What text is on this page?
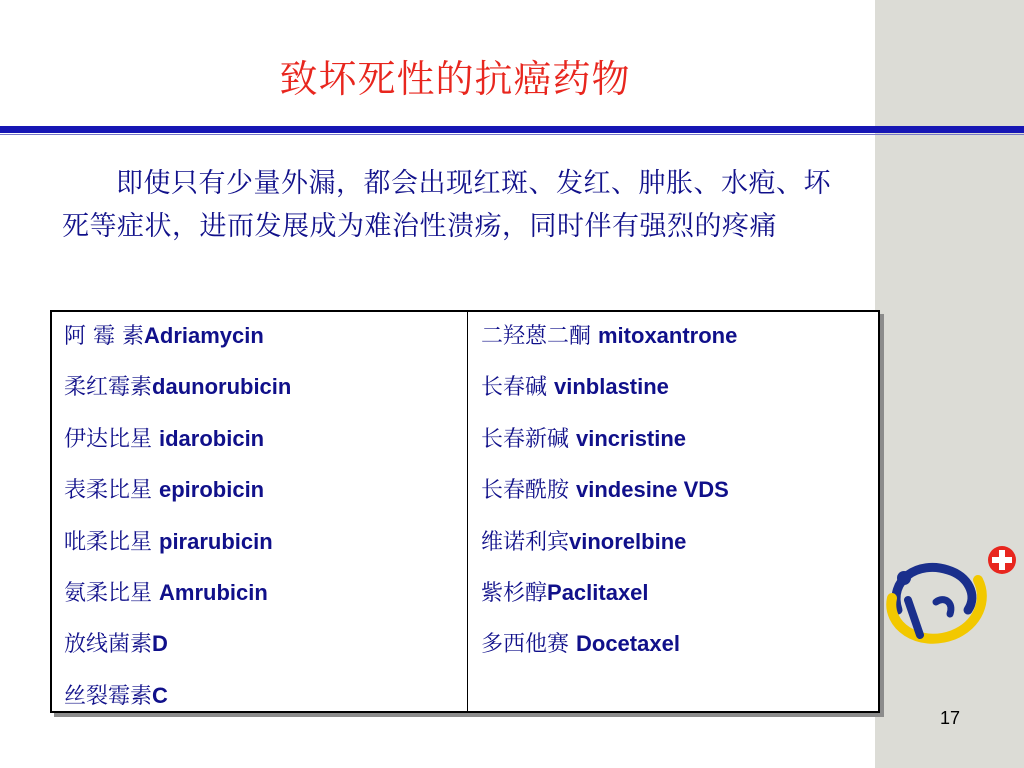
致坏死性的抗癌药物
即使只有少量外漏，都会出现红斑、发红、肿胀、水疱、坏死等症状，进而发展成为难治性溃疡，同时伴有强烈的疼痛
阿 霉 素Adriamycin
柔红霉素daunorubicin
伊达比星 idarobicin
表柔比星 epirobicin
吡柔比星 pirarubicin
氨柔比星 Amrubicin
放线菌素D
丝裂霉素C
二羟蒽二酮 mitoxantrone
长春碱 vinblastine
长春新碱 vincristine
长春酰胺 vindesine VDS
维诺利宾vinorelbine
紫杉醇Paclitaxel
多西他赛 Docetaxel
17
